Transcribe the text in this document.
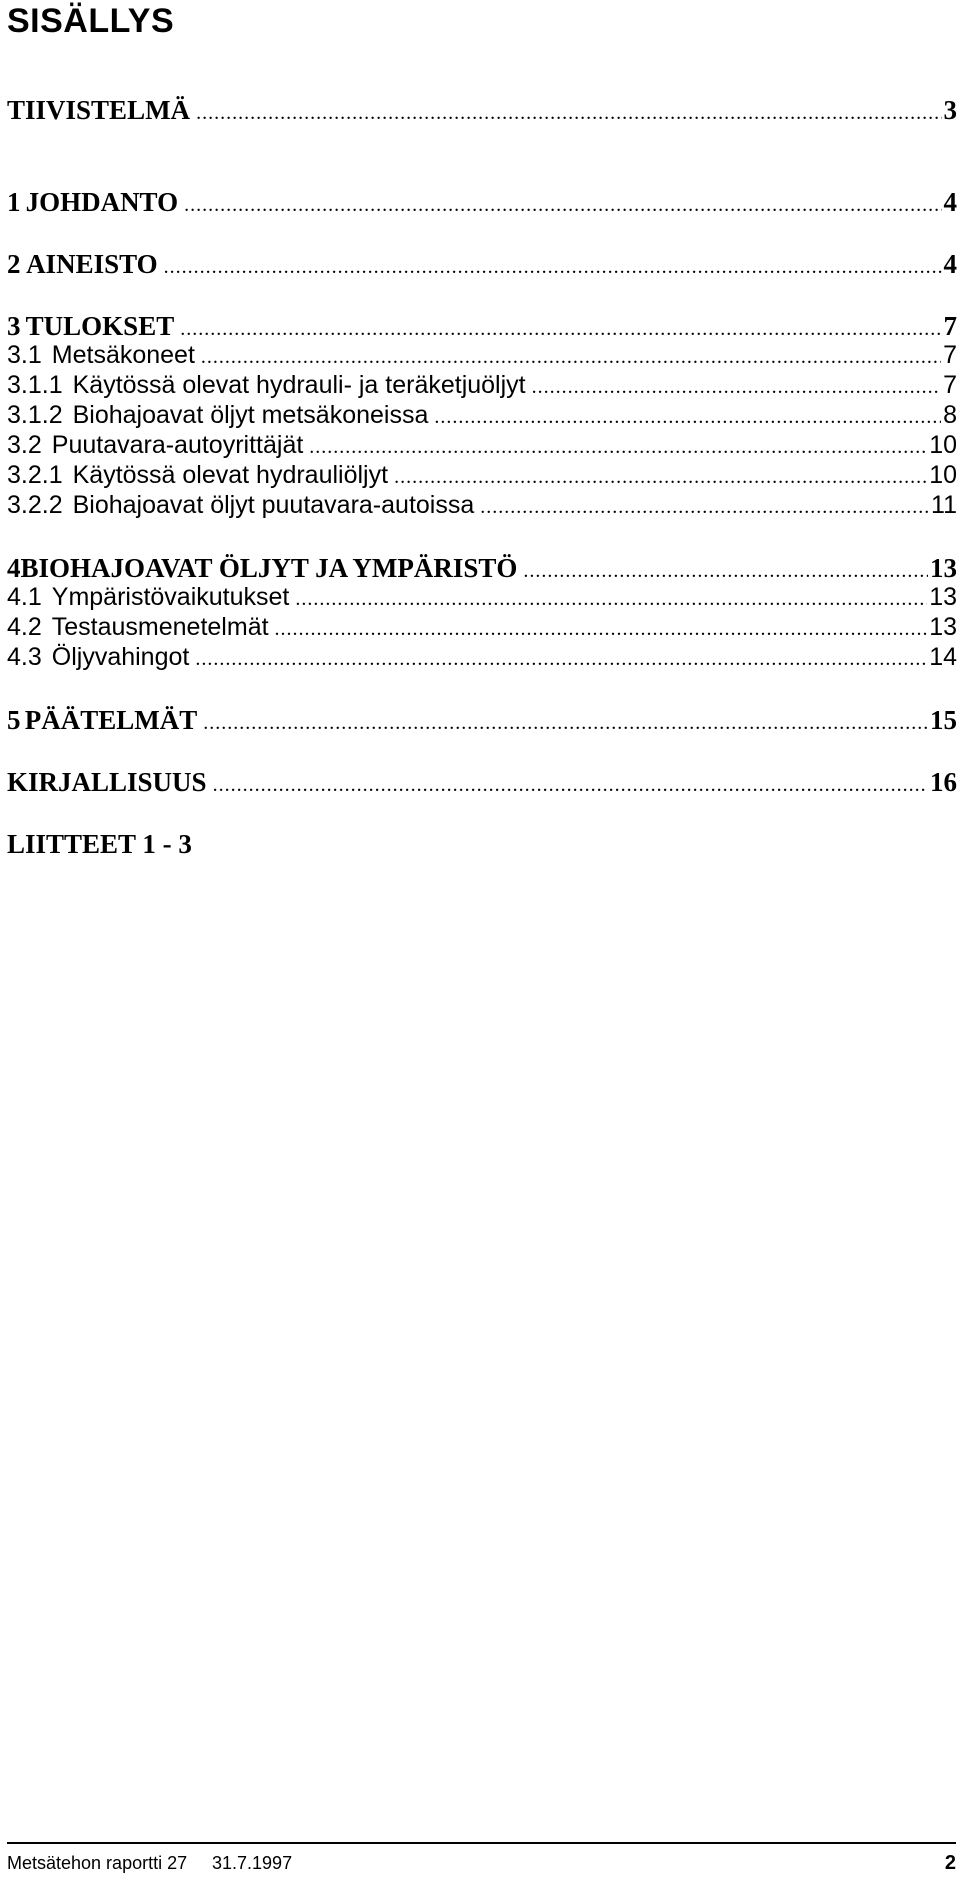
SISÄLLYS
TIIVISTELMÄ .....	3
1 JOHDANTO .....	4
2 AINEISTO .....	4
3 TULOKSET .....	7
3.1 Metsäkoneet .....	7
3.1.1 Käytössä olevat hydrauli- ja teräketjuöljyt .....	7
3.1.2 Biohajoavat öljyt metsäkoneissa .....	8
3.2 Puutavara-autoyrittäjät .....	10
3.2.1 Käytössä olevat hydrauliöljyt .....	10
3.2.2 Biohajoavat öljyt puutavara-autoissa .....	11
4 BIOHAJOAVAT ÖLJYT JA YMPÄRISTÖ .....	13
4.1 Ympäristövaikutukset .....	13
4.2 Testausmenetelmät .....	13
4.3 Öljyvahingot .....	14
5 PÄÄTELMÄT .....	15
KIRJALLISUUS .....	16
LIITTEET 1 - 3
Metsätehon raportti 27	31.7.1997	2
